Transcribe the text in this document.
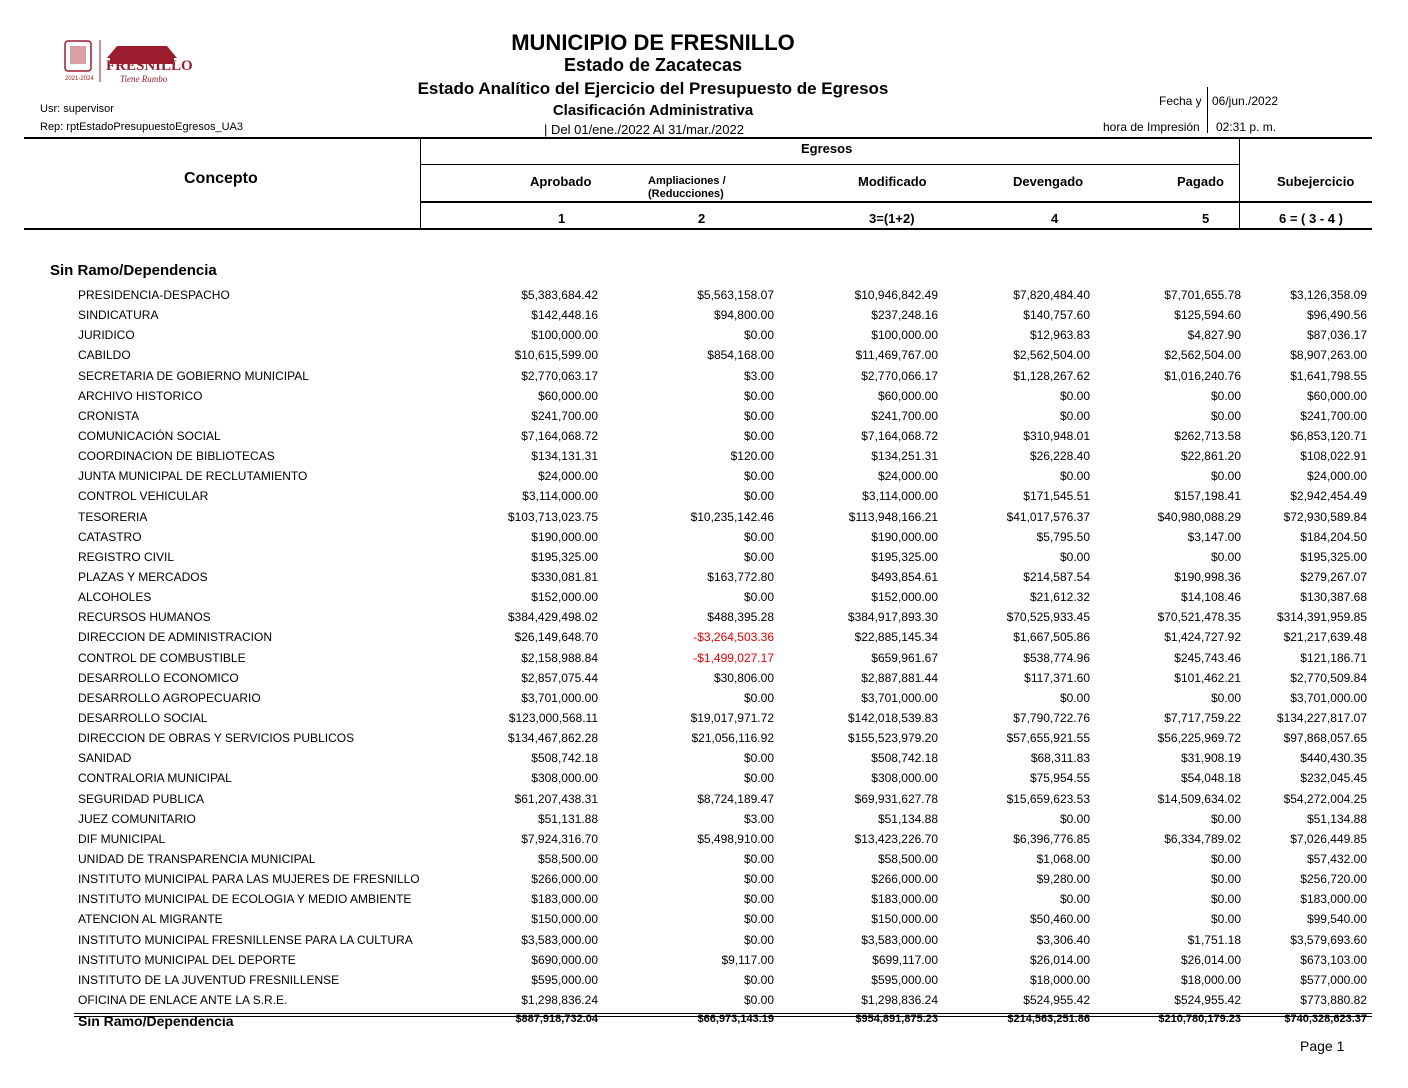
2021-2024
FRESNILLO
Tiene Rumbo
MUNICIPIO DE FRESNILLO
Estado de Zacatecas
Estado Analítico del Ejercicio del Presupuesto de Egresos
Clasificación Administrativa
| Del 01/ene./2022 Al 31/mar./2022
Usr: supervisor
Rep: rptEstadoPresupuestoEgresos_UA3
Fecha y 06/jun./2022
hora de Impresión 02:31 p. m.
Egresos
Concepto	Aprobado	Ampliaciones /
(Reducciones)
Modificado	Devengado	Pagado	Subejercicio
1	2	3=(1+2)	4	5	6 = ( 3 - 4 )
Sin Ramo/Dependencia
PRESIDENCIA-DESPACHO	$5,383,684.42	$5,563,158.07	$10,946,842.49	$7,820,484.40	$7,701,655.78	$3,126,358.09
SINDICATURA	$142,448.16	$94,800.00	$237,248.16	$140,757.60	$125,594.60	$96,490.56
JURIDICO	$100,000.00	$0.00	$100,000.00	$12,963.83	$4,827.90	$87,036.17
CABILDO	$10,615,599.00	$854,168.00	$11,469,767.00	$2,562,504.00	$2,562,504.00	$8,907,263.00
SECRETARIA DE GOBIERNO MUNICIPAL	$2,770,063.17	$3.00	$2,770,066.17	$1,128,267.62	$1,016,240.76	$1,641,798.55
ARCHIVO HISTORICO	$60,000.00	$0.00	$60,000.00	$0.00	$0.00	$60,000.00
CRONISTA	$241,700.00	$0.00	$241,700.00	$0.00	$0.00	$241,700.00
COMUNICACIÓN SOCIAL	$7,164,068.72	$0.00	$7,164,068.72	$310,948.01	$262,713.58	$6,853,120.71
COORDINACION DE BIBLIOTECAS	$134,131.31	$120.00	$134,251.31	$26,228.40	$22,861.20	$108,022.91
JUNTA MUNICIPAL DE RECLUTAMIENTO	$24,000.00	$0.00	$24,000.00	$0.00	$0.00	$24,000.00
CONTROL VEHICULAR	$3,114,000.00	$0.00	$3,114,000.00	$171,545.51	$157,198.41	$2,942,454.49
TESORERIA	$103,713,023.75	$10,235,142.46	$113,948,166.21	$41,017,576.37	$40,980,088.29	$72,930,589.84
CATASTRO	$190,000.00	$0.00	$190,000.00	$5,795.50	$3,147.00	$184,204.50
REGISTRO CIVIL	$195,325.00	$0.00	$195,325.00	$0.00	$0.00	$195,325.00
PLAZAS Y MERCADOS	$330,081.81	$163,772.80	$493,854.61	$214,587.54	$190,998.36	$279,267.07
ALCOHOLES	$152,000.00	$0.00	$152,000.00	$21,612.32	$14,108.46	$130,387.68
RECURSOS HUMANOS	$384,429,498.02	$488,395.28	$384,917,893.30	$70,525,933.45	$70,521,478.35	$314,391,959.85
DIRECCION DE ADMINISTRACION	$26,149,648.70	-$3,264,503.36	$22,885,145.34	$1,667,505.86	$1,424,727.92	$21,217,639.48
CONTROL DE COMBUSTIBLE	$2,158,988.84	-$1,499,027.17	$659,961.67	$538,774.96	$245,743.46	$121,186.71
DESARROLLO ECONOMICO	$2,857,075.44	$30,806.00	$2,887,881.44	$117,371.60	$101,462.21	$2,770,509.84
DESARROLLO AGROPECUARIO	$3,701,000.00	$0.00	$3,701,000.00	$0.00	$0.00	$3,701,000.00
DESARROLLO SOCIAL	$123,000,568.11	$19,017,971.72	$142,018,539.83	$7,790,722.76	$7,717,759.22	$134,227,817.07
DIRECCION DE OBRAS Y SERVICIOS PUBLICOS	$134,467,862.28	$21,056,116.92	$155,523,979.20	$57,655,921.55	$56,225,969.72	$97,868,057.65
SANIDAD	$508,742.18	$0.00	$508,742.18	$68,311.83	$31,908.19	$440,430.35
CONTRALORIA MUNICIPAL	$308,000.00	$0.00	$308,000.00	$75,954.55	$54,048.18	$232,045.45
SEGURIDAD PUBLICA	$61,207,438.31	$8,724,189.47	$69,931,627.78	$15,659,623.53	$14,509,634.02	$54,272,004.25
JUEZ COMUNITARIO	$51,131.88	$3.00	$51,134.88	$0.00	$0.00	$51,134.88
DIF MUNICIPAL	$7,924,316.70	$5,498,910.00	$13,423,226.70	$6,396,776.85	$6,334,789.02	$7,026,449.85
UNIDAD DE TRANSPARENCIA MUNICIPAL	$58,500.00	$0.00	$58,500.00	$1,068.00	$0.00	$57,432.00
INSTITUTO MUNICIPAL PARA LAS MUJERES DE FRESNILLO	$266,000.00	$0.00	$266,000.00	$9,280.00	$0.00	$256,720.00
INSTITUTO MUNICIPAL DE ECOLOGIA Y MEDIO AMBIENTE	$183,000.00	$0.00	$183,000.00	$0.00	$0.00	$183,000.00
ATENCION AL MIGRANTE	$150,000.00	$0.00	$150,000.00	$50,460.00	$0.00	$99,540.00
INSTITUTO MUNICIPAL FRESNILLENSE PARA LA CULTURA	$3,583,000.00	$0.00	$3,583,000.00	$3,306.40	$1,751.18	$3,579,693.60
INSTITUTO MUNICIPAL DEL DEPORTE	$690,000.00	$9,117.00	$699,117.00	$26,014.00	$26,014.00	$673,103.00
INSTITUTO DE LA JUVENTUD FRESNILLENSE	$595,000.00	$0.00	$595,000.00	$18,000.00	$18,000.00	$577,000.00
OFICINA DE ENLACE ANTE LA S.R.E.	$1,298,836.24	$0.00	$1,298,836.24	$524,955.42	$524,955.42	$773,880.82
Sin Ramo/Dependencia	$887,918,732.04	$66,973,143.19	$954,891,875.23	$214,563,251.86	$210,780,179.23	$740,328,623.37
Page 1
